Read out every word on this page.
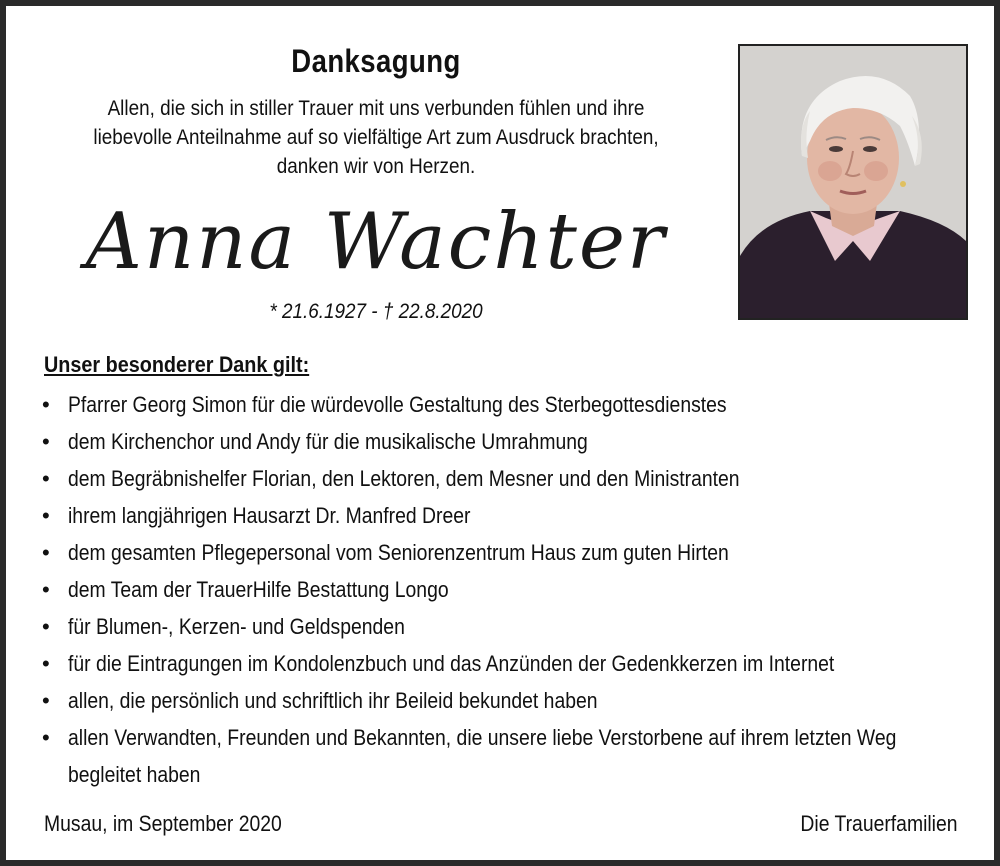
Danksagung
Allen, die sich in stiller Trauer mit uns verbunden fühlen und ihre
liebevolle Anteilnahme auf so vielfältige Art zum Ausdruck brachten,
danken wir von Herzen.
Anna Wachter
* 21.6.1927 - † 22.8.2020
Unser besonderer Dank gilt:
• Pfarrer Georg Simon für die würdevolle Gestaltung des Sterbegottesdienstes
• dem Kirchenchor und Andy für die musikalische Umrahmung
• dem Begräbnishelfer Florian, den Lektoren, dem Mesner und den Ministranten
• ihrem langjährigen Hausarzt Dr. Manfred Dreer
• dem gesamten Pflegepersonal vom Seniorenzentrum Haus zum guten Hirten
• dem Team der TrauerHilfe Bestattung Longo
• für Blumen-, Kerzen- und Geldspenden
• für die Eintragungen im Kondolenzbuch und das Anzünden der Gedenkkerzen im Internet
• allen, die persönlich und schriftlich ihr Beileid bekundet haben
• allen Verwandten, Freunden und Bekannten, die unsere liebe Verstorbene auf ihrem letzten Weg
begleitet haben
Musau, im September 2020	Die Trauerfamilien
